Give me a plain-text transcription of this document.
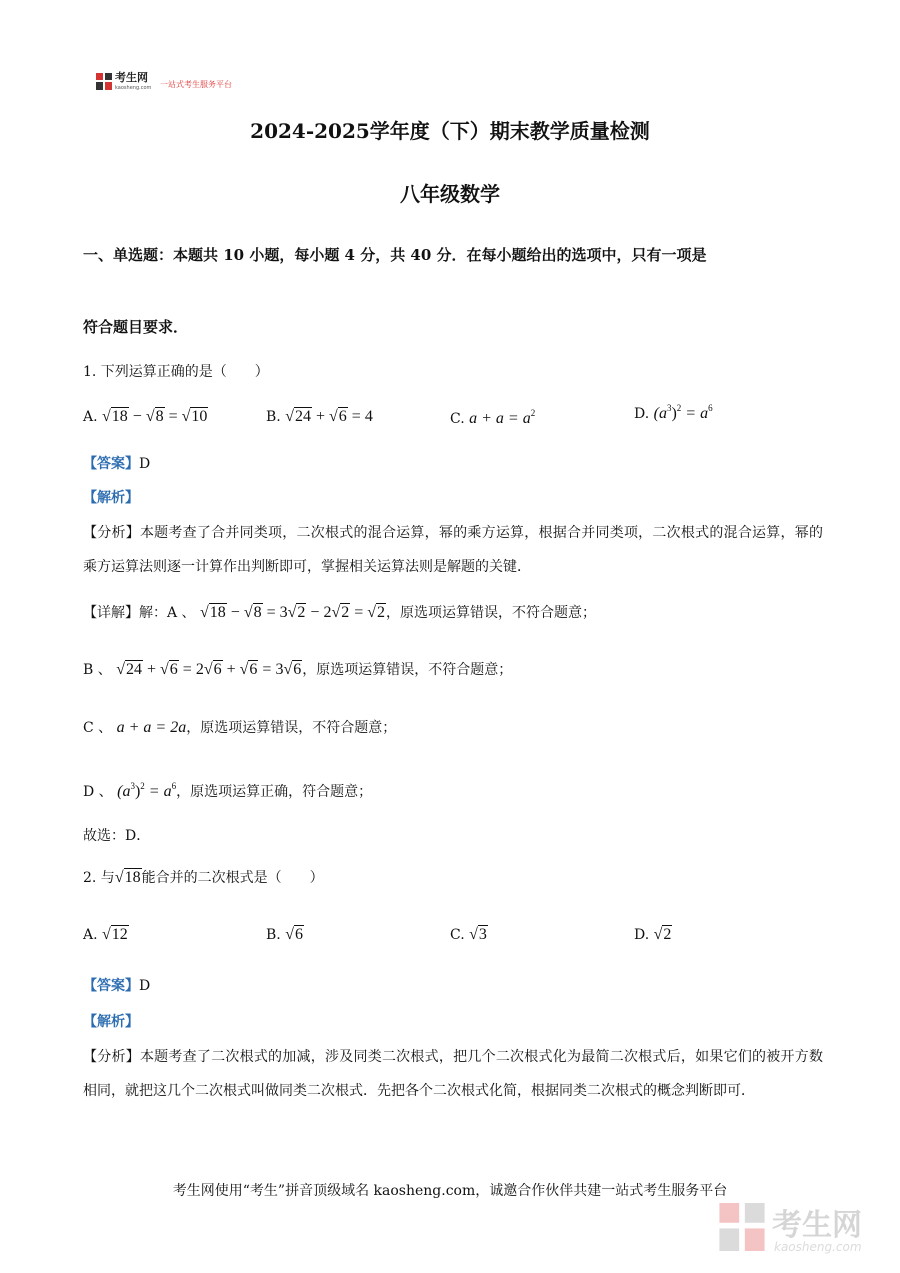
考生网
kaosheng.com 一站式考生服务平台
2024-2025学年度（下）期末教学质量检测
八年级数学
一、单选题：本题共 10 小题，每小题 4 分，共 40 分．在每小题给出的选项中，只有一项是
符合题目要求．
1. 下列运算正确的是（　　）
A. √18 − √8 = √10	B. √24 + √6 = 4	C. $a + a = a^2$	D. $(a^3)^2 = a^6$
【答案】D
【解析】
【分析】本题考查了合并同类项，二次根式的混合运算，幂的乘方运算，根据合并同类项，二次根式的混合运算，幂的乘方运算法则逐一计算作出判断即可，掌握相关运算法则是解题的关键．
【详解】解：A 、 √18 − √8 = 3√2 − 2√2 = √2，原选项运算错误，不符合题意；
B 、 √24 + √6 = 2√6 + √6 = 3√6，原选项运算错误，不符合题意；
C 、 a + a = 2a，原选项运算错误，不符合题意；
D 、 $(a^3)^2 = a^6$，原选项运算正确，符合题意；
故选：D．
2. 与√18能合并的二次根式是（　　）
A. √12	B. √6	C. √3	D. √2
【答案】D
【解析】
【分析】本题考查了二次根式的加减，涉及同类二次根式，把几个二次根式化为最简二次根式后，如果它们的被开方数相同，就把这几个二次根式叫做同类二次根式．先把各个二次根式化简，根据同类二次根式的概念判断即可．
考生网使用“考生”拼音顶级域名 kaosheng.com，诚邀合作伙伴共建一站式考生服务平台
考生网
kaosheng.com
